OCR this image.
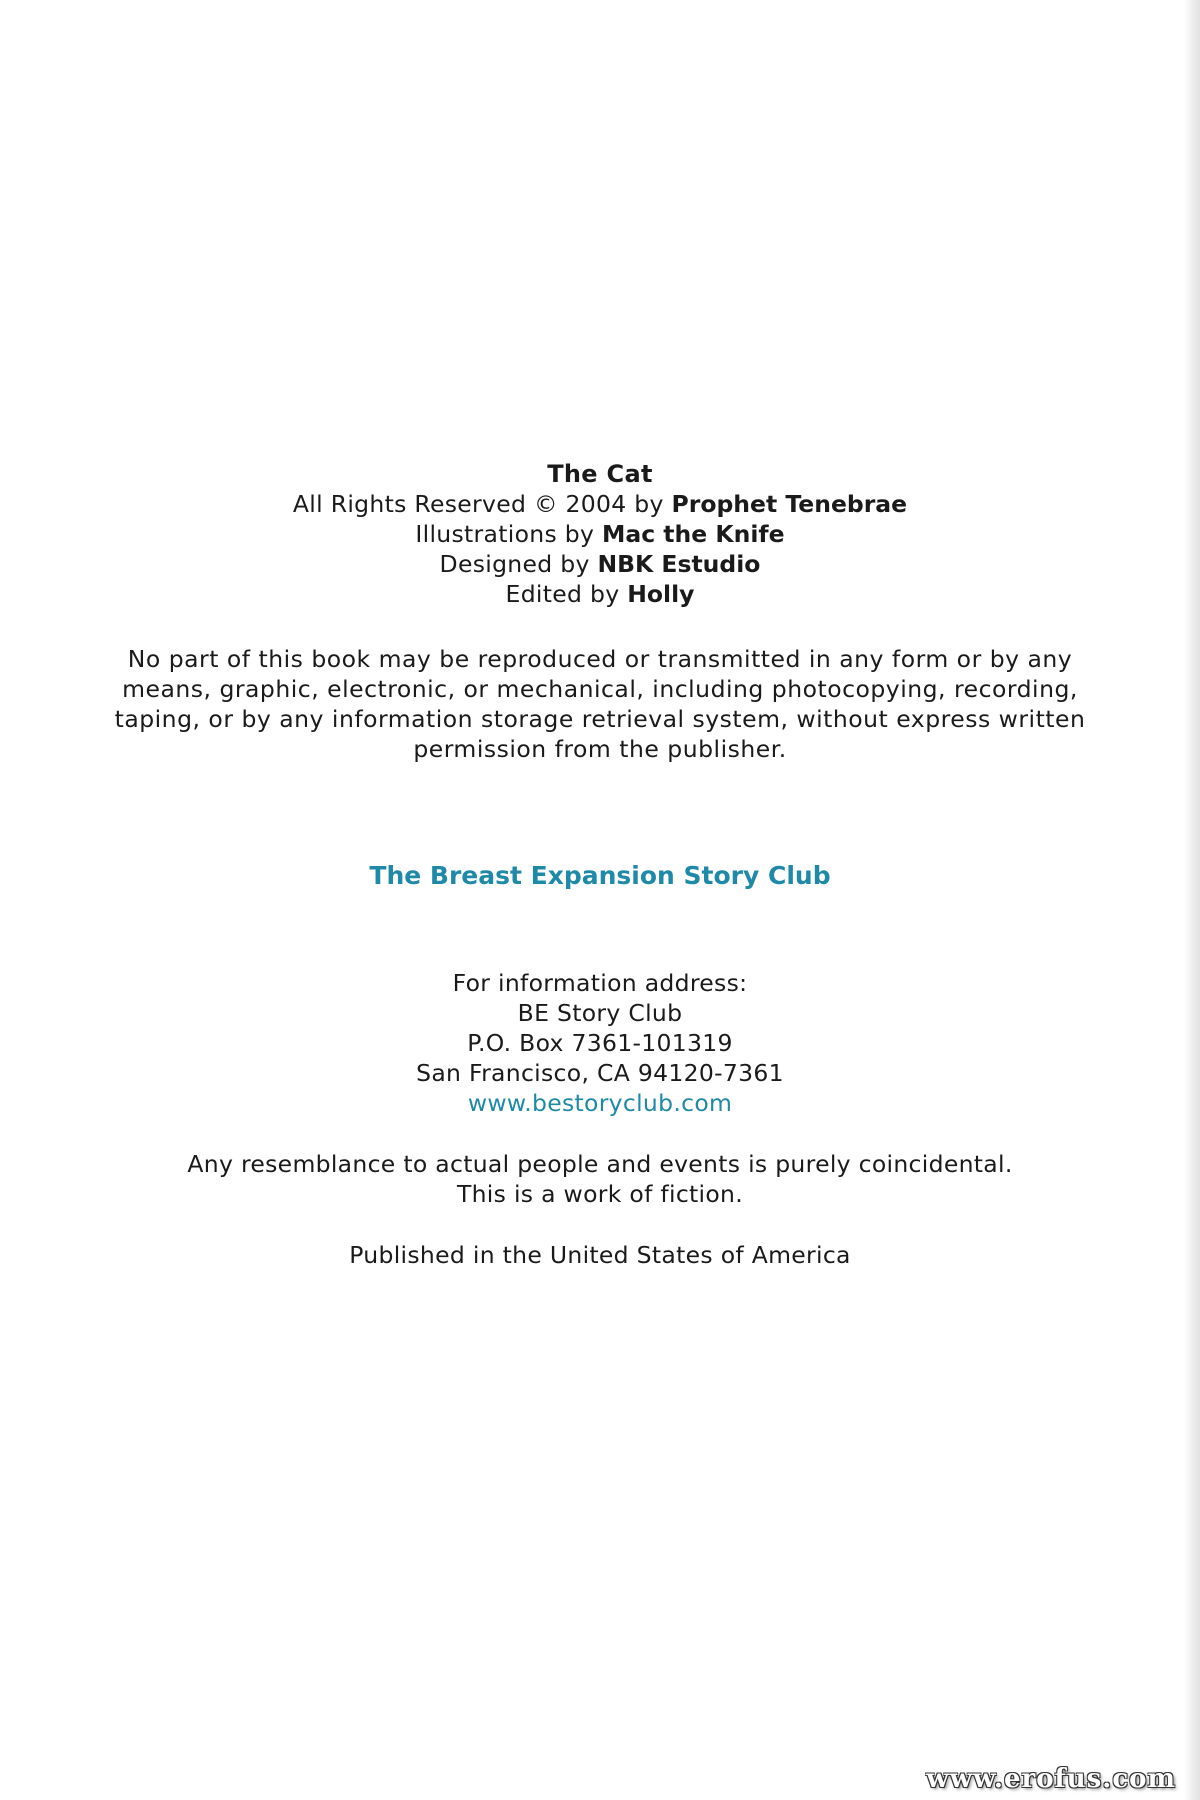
The Cat
All Rights Reserved © 2004 by Prophet Tenebrae
Illustrations by Mac the Knife
Designed by NBK Estudio
Edited by Holly
No part of this book may be reproduced or transmitted in any form or by any
means, graphic, electronic, or mechanical, including photocopying, recording,
taping, or by any information storage retrieval system, without express written
permission from the publisher.
The Breast Expansion Story Club
For information address:
BE Story Club
P.O. Box 7361-101319
San Francisco, CA 94120-7361
www.bestoryclub.com
Any resemblance to actual people and events is purely coincidental.
This is a work of fiction.
Published in the United States of America
www.erofus.com
